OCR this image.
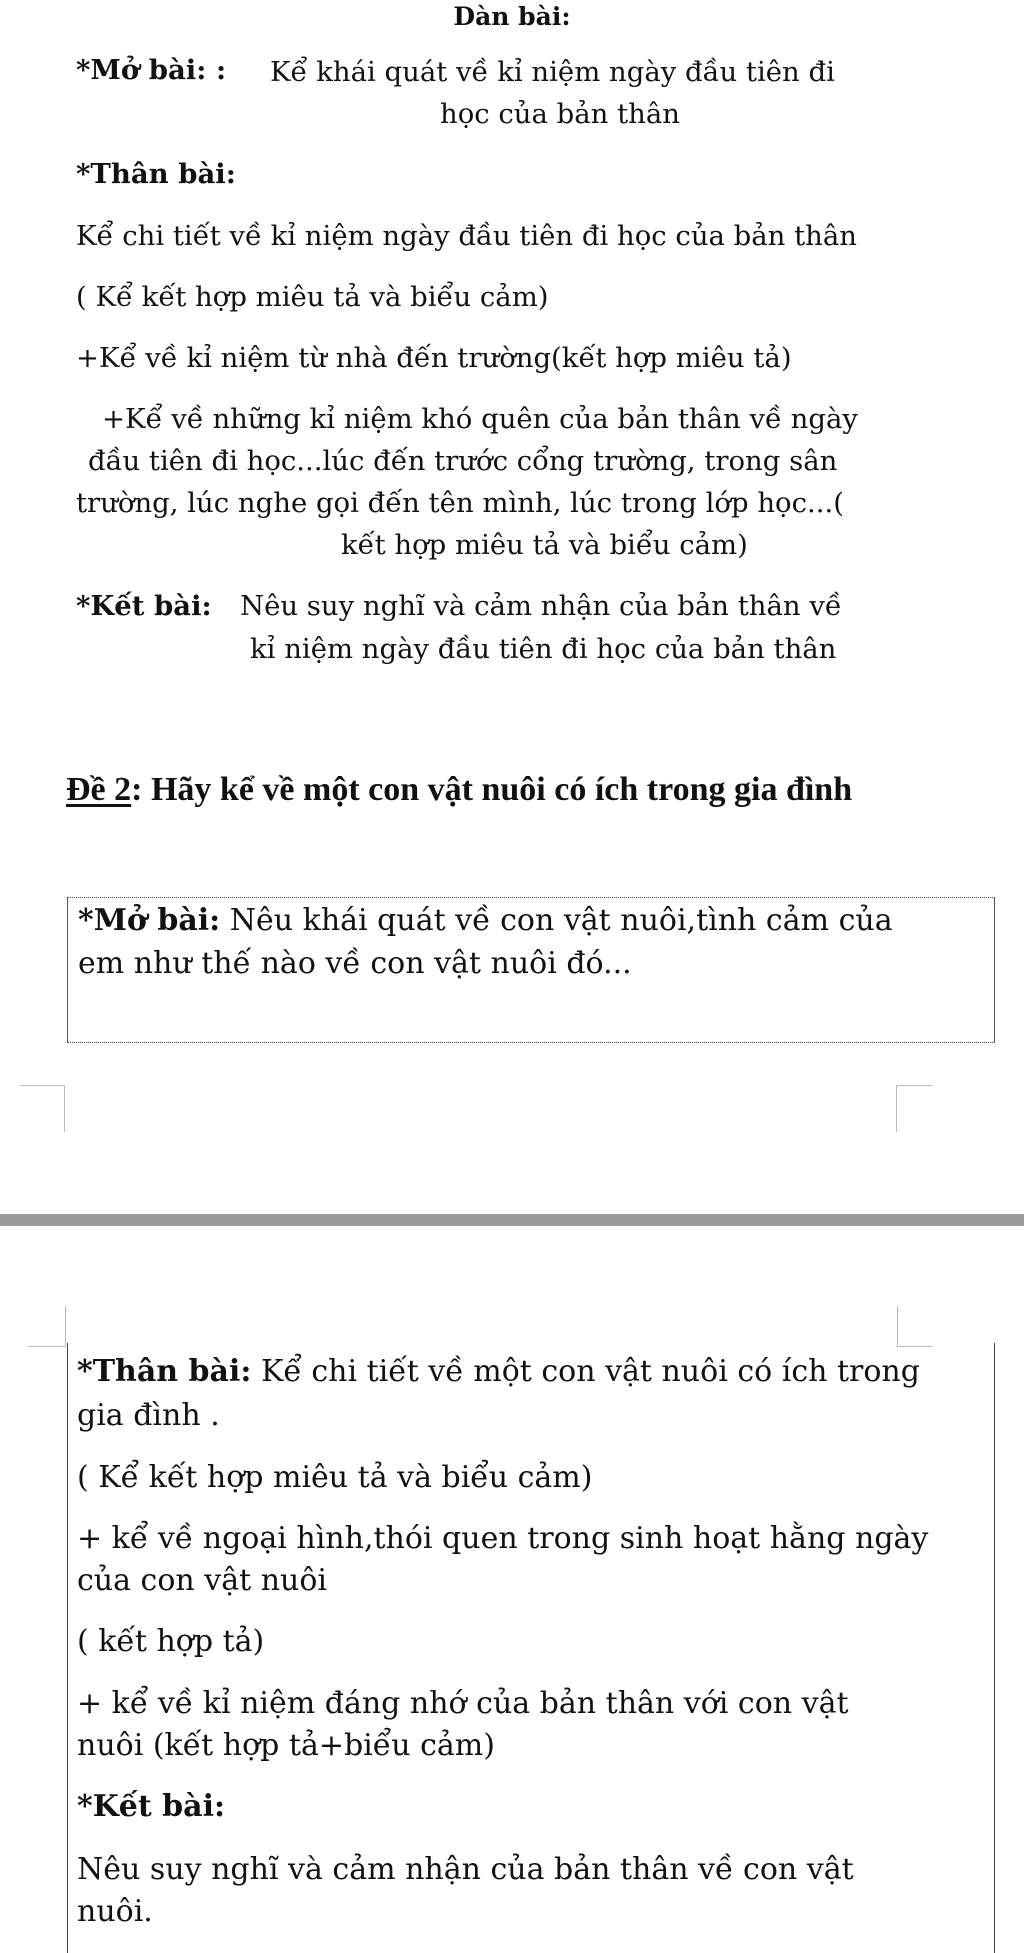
Dàn bài:
*Mở bài: : Kể khái quát về kỉ niệm ngày đầu tiên đi
học của bản thân
*Thân bài:
Kể chi tiết về kỉ niệm ngày đầu tiên đi học của bản thân
( Kể kết hợp miêu tả và biểu cảm)
+Kể về kỉ niệm từ nhà đến trường(kết hợp miêu tả)
+Kể về những kỉ niệm khó quên của bản thân về ngày
đầu tiên đi học...lúc đến trước cổng trường, trong sân
trường, lúc nghe gọi đến tên mình, lúc trong lớp học...(
kết hợp miêu tả và biểu cảm)
*Kết bài: Nêu suy nghĩ và cảm nhận của bản thân về
kỉ niệm ngày đầu tiên đi học của bản thân
Đề 2: Hãy kể về một con vật nuôi có ích trong gia đình
*Mở bài: Nêu khái quát về con vật nuôi,tình cảm của
em như thế nào về con vật nuôi đó...
*Thân bài: Kể chi tiết về một con vật nuôi có ích trong
gia đình .
( Kể kết hợp miêu tả và biểu cảm)
+ kể về ngoại hình,thói quen trong sinh hoạt hằng ngày
của con vật nuôi
( kết hợp tả)
+ kể về kỉ niệm đáng nhớ của bản thân với con vật
nuôi (kết hợp tả+biểu cảm)
*Kết bài:
Nêu suy nghĩ và cảm nhận của bản thân về con vật
nuôi.
